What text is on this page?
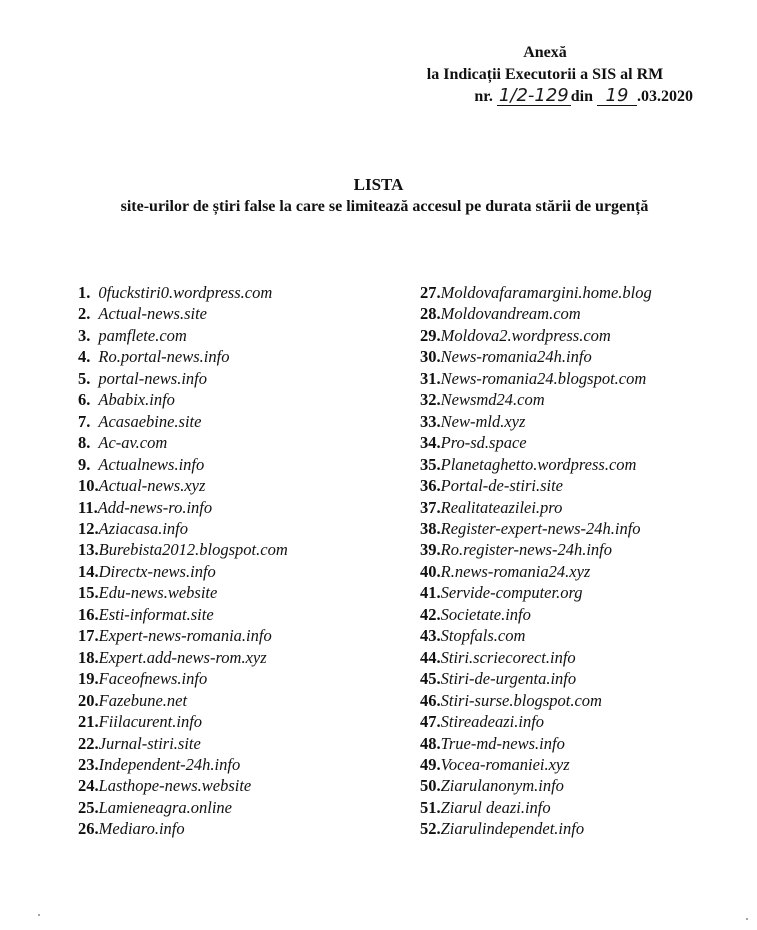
Anexă
la Indicații Executorii a SIS al RM
nr. 1/2-129 din 19 .03.2020
LISTA
site-urilor de știri false la care se limitează accesul pe durata stării de urgență
1. 0fuckstiri0.wordpress.com
2. Actual-news.site
3. pamflete.com
4. Ro.portal-news.info
5. portal-news.info
6. Ababix.info
7. Acasaebine.site
8. Ac-av.com
9. Actualnews.info
10.Actual-news.xyz
11.Add-news-ro.info
12.Aziacasa.info
13.Burebista2012.blogspot.com
14.Directx-news.info
15.Edu-news.website
16.Esti-informat.site
17.Expert-news-romania.info
18.Expert.add-news-rom.xyz
19.Faceofnews.info
20.Fazebune.net
21.Fiilacurent.info
22.Jurnal-stiri.site
23.Independent-24h.info
24.Lasthope-news.website
25.Lamieneagra.online
26.Mediaro.info
27.Moldovafaramargini.home.blog
28.Moldovandream.com
29.Moldova2.wordpress.com
30.News-romania24h.info
31.News-romania24.blogspot.com
32.Newsmd24.com
33.New-mld.xyz
34.Pro-sd.space
35.Planetaghetto.wordpress.com
36.Portal-de-stiri.site
37.Realitateazilei.pro
38.Register-expert-news-24h.info
39.Ro.register-news-24h.info
40.R.news-romania24.xyz
41.Servide-computer.org
42.Societate.info
43.Stopfals.com
44.Stiri.scriecorect.info
45.Stiri-de-urgenta.info
46.Stiri-surse.blogspot.com
47.Stireadeazi.info
48.True-md-news.info
49.Vocea-romaniei.xyz
50.Ziarulanonym.info
51.Ziarul deazi.info
52.Ziarulindependet.info
